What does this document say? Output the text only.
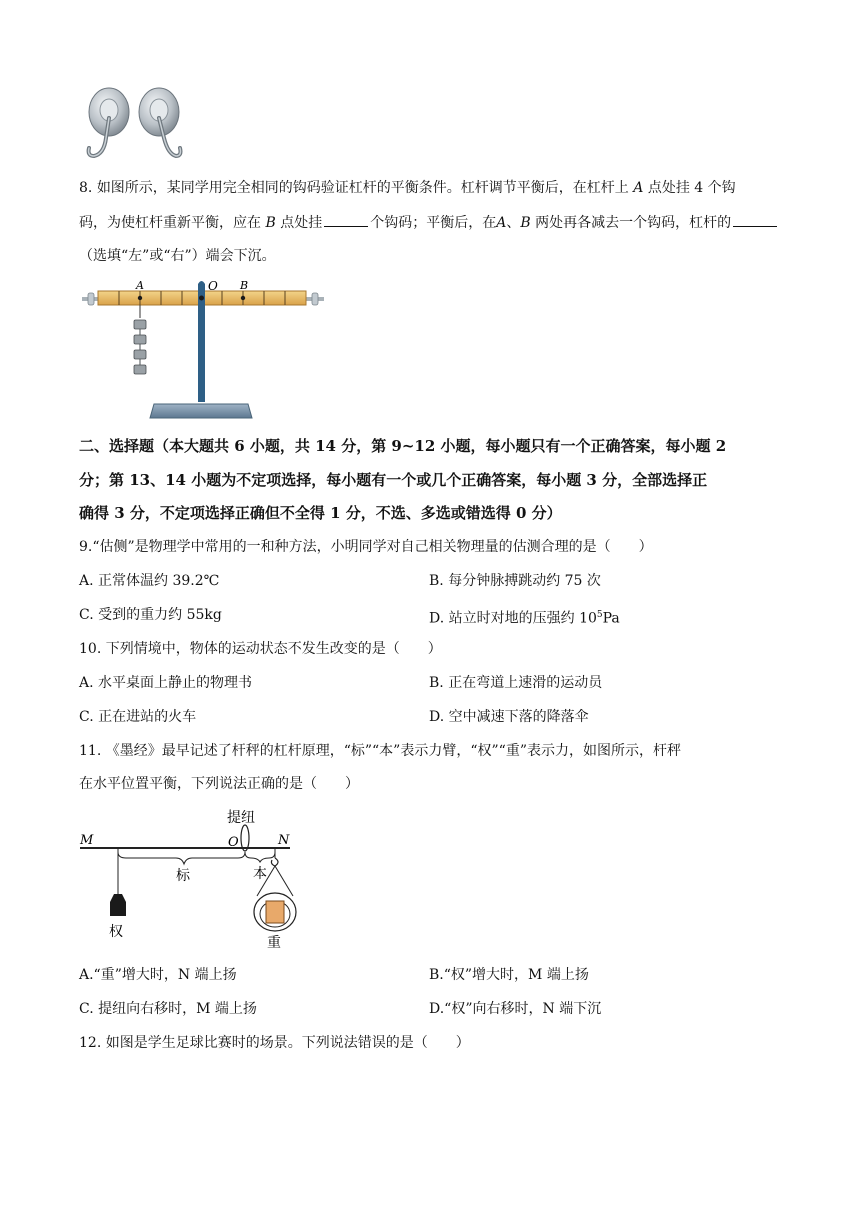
8. 如图所示，某同学用完全相同的钩码验证杠杆的平衡条件。杠杆调节平衡后，在杠杆上 A 点处挂 4 个钩
码，为使杠杆重新平衡，应在 B 点处挂	个钩码；平衡后，在A、B 两处再各减去一个钩码，杠杆的
（选填“左”或“右”）端会下沉。
A	O B
二、选择题（本大题共 6 小题，共 14 分，第 9~12 小题，每小题只有一个正确答案，每小题 2
分；第 13、14 小题为不定项选择，每小题有一个或几个正确答案，每小题 3 分，全部选择正
确得 3 分，不定项选择正确但不全得 1 分，不选、多选或错选得 0 分）
9.“估侧”是物理学中常用的一和种方法，小明同学对自己相关物理量的估测合理的是（　　）
A. 正常体温约 39.2℃	B. 每分钟脉搏跳动约 75 次
C. 受到的重力约 55kg	D. 站立时对地的压强约 $10^5Pa$
10. 下列情境中，物体的运动状态不发生改变的是（　　）
A. 水平桌面上静止的物理书	B. 正在弯道上速滑的运动员
C. 正在进站的火车	D. 空中减速下落的降落伞
11. 《墨经》最早记述了杆秤的杠杆原理，“标”“本”表示力臂，“权”“重”表示力，如图所示，杆秤
在水平位置平衡，下列说法正确的是（　　）
M	O	N
提纽
标	本
权
重
A.“重”增大时，N 端上扬	B.“权”增大时，M 端上扬
C. 提纽向右移时，M 端上扬	D.“权”向右移时，N 端下沉
12. 如图是学生足球比赛时的场景。下列说法错误的是（　　）
